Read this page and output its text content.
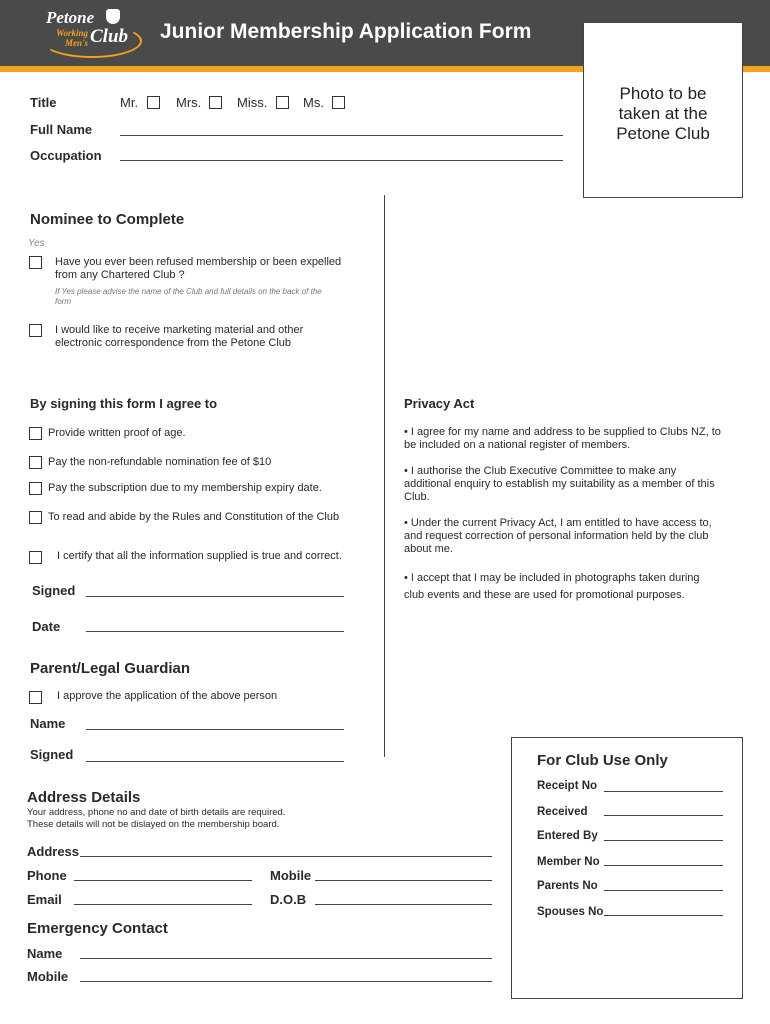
Petone
Working
Men's Club Junior Membership Application Form
Photo to be
taken at the
Petone Club
Title	Mr.	Mrs.	Miss.	Ms.
Full Name
Occupation
Nominee to Complete
Yes
Have you ever been refused membership or been expelled
from any Chartered Club ?
If Yes please advise the name of the Club and full details on the back of the
form
I would like to receive marketing material and other
electronic correspondence from the Petone Club
By signing this form I agree to
Provide written proof of age.
Pay the non-refundable nomination fee of $10
Pay the subscription due to my membership expiry date.
To read and abide by the Rules and Constitution of the Club
I certify that all the information supplied is true and correct.
Signed
Date
Privacy Act
• I agree for my name and address to be supplied to Clubs NZ, to
be included on a national register of members.
• I authorise the Club Executive Committee to make any
additional enquiry to establish my suitability as a member of this
Club.
• Under the current Privacy Act, I am entitled to have access to,
and request correction of personal information held by the club
about me.
• I accept that I may be included in photographs taken during
club events and these are used for promotional purposes.
Parent/Legal Guardian
I approve the application of the above person
Name
Signed
Address Details
Your address, phone no and date of birth details are required.
These details will not be dislayed on the membership board.
Address
Phone	Mobile
Email	D.O.B
Emergency Contact
Name
Mobile
For Club Use Only
Receipt No
Received
Entered By
Member No
Parents No
Spouses No
